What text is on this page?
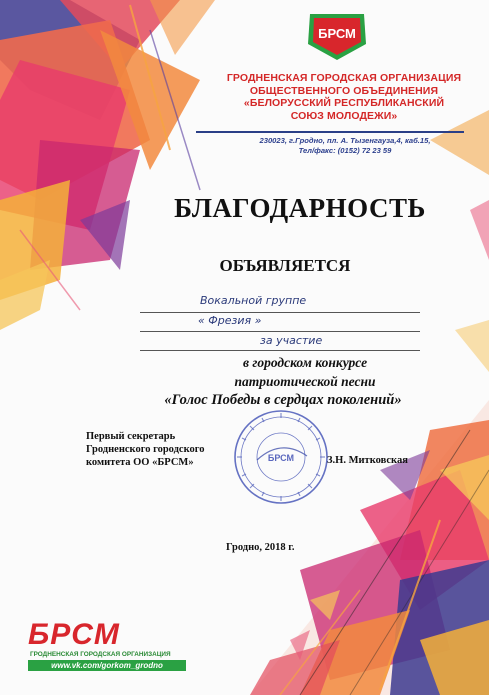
БРСМ
ГРОДНЕНСКАЯ ГОРОДСКАЯ ОРГАНИЗАЦИЯ
ОБЩЕСТВЕННОГО ОБЪЕДИНЕНИЯ
«БЕЛОРУССКИЙ РЕСПУБЛИКАНСКИЙ
СОЮЗ МОЛОДЕЖИ»
230023, г.Гродно, пл. А. Тызенгауза,4, каб.15,
Тел/факс: (0152) 72 23 59
БЛАГОДАРНОСТЬ
ОБЪЯВЛЯЕТСЯ
Вокальной группе
« Фрезия »
за участие
в городском конкурсе
патриотической песни
«Голос Победы в сердцах поколений»
Первый секретарь
Гродненского городского
комитета ОО «БРСМ»	БРСМ	З.Н. Митковская
Гродно, 2018 г.
БРСМ
ГРОДНЕНСКАЯ ГОРОДСКАЯ ОРГАНИЗАЦИЯ
www.vk.com/gorkom_grodno
